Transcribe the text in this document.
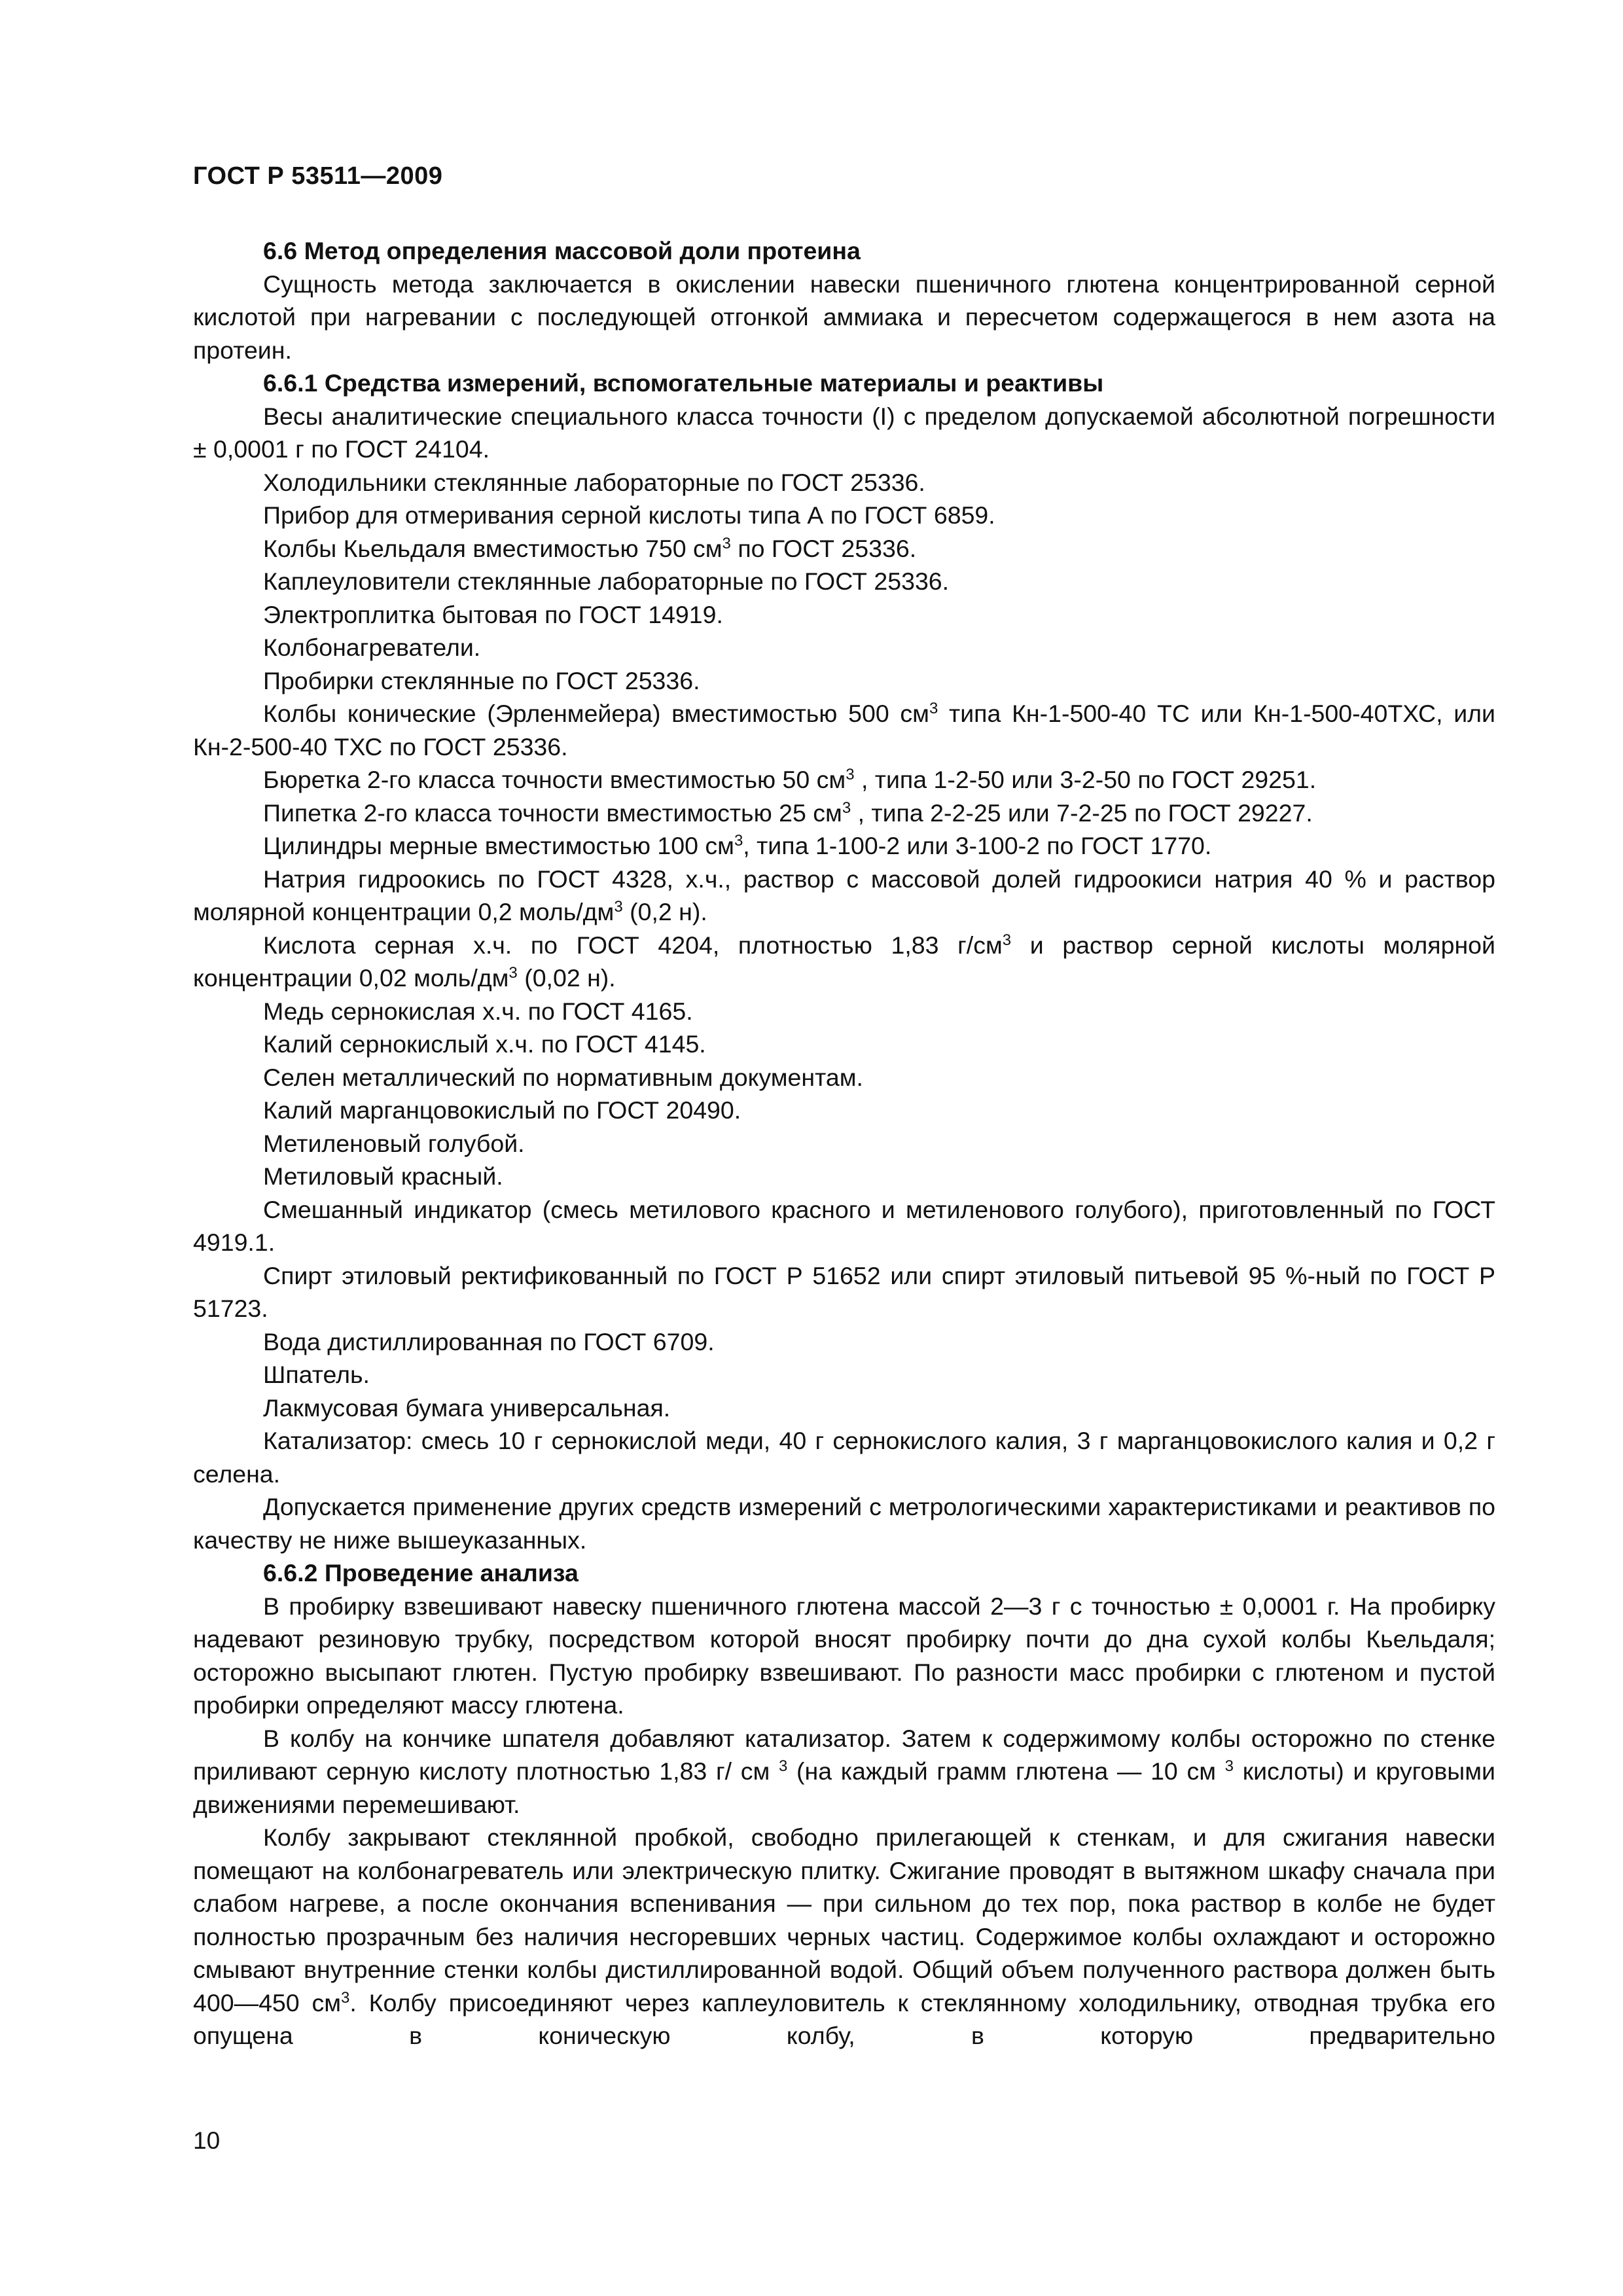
ГОСТ Р 53511—2009

6.6 Метод определения массовой доли протеина

Сущность метода заключается в окислении навески пшеничного глютена концентрированной серной кислотой при нагревании с последующей отгонкой аммиака и пересчетом содержащегося в нем азота на протеин.

6.6.1 Средства измерений, вспомогательные материалы и реактивы

Весы аналитические специального класса точности (I) с пределом допускаемой абсолютной погрешности ± 0,0001 г по ГОСТ 24104.

Холодильники стеклянные лабораторные по ГОСТ 25336.

Прибор для отмеривания серной кислоты типа А по ГОСТ 6859.

Колбы Кьельдаля вместимостью 750 $см^3$ по ГОСТ 25336.

Каплеуловители стеклянные лабораторные по ГОСТ 25336.

Электроплитка бытовая по ГОСТ 14919.

Колбонагреватели.

Пробирки стеклянные по ГОСТ 25336.

Колбы конические (Эрленмейера) вместимостью 500 $см^3$ типа Кн-1-500-40 ТС или Кн-1-500-40ТХС, или Кн-2-500-40 ТХС по ГОСТ 25336.

Бюретка 2-го класса точности вместимостью 50 $см^3$ , типа 1-2-50 или 3-2-50 по ГОСТ 29251.

Пипетка 2-го класса точности вместимостью 25 $см^3$ , типа 2-2-25 или 7-2-25 по ГОСТ 29227.

Цилиндры мерные вместимостью 100 $см^3$, типа 1-100-2 или 3-100-2 по ГОСТ 1770.

Натрия гидроокись по ГОСТ 4328, х.ч., раствор с массовой долей гидроокиси натрия 40 % и раствор молярной концентрации 0,2 моль/$дм^3$ (0,2 н).

Кислота серная х.ч. по ГОСТ 4204, плотностью 1,83 $г/см^3$ и раствор серной кислоты молярной концентрации 0,02 моль/$дм^3$ (0,02 н).

Медь сернокислая х.ч. по ГОСТ 4165.

Калий сернокислый х.ч. по ГОСТ 4145.

Селен металлический по нормативным документам.

Калий марганцовокислый по ГОСТ 20490.

Метиленовый голубой.

Метиловый красный.

Смешанный индикатор (смесь метилового красного и метиленового голубого), приготовленный по ГОСТ 4919.1.

Спирт этиловый ректификованный по ГОСТ Р 51652 или спирт этиловый питьевой 95 %-ный по ГОСТ Р 51723.

Вода дистиллированная по ГОСТ 6709.

Шпатель.

Лакмусовая бумага универсальная.

Катализатор: смесь 10 г сернокислой меди, 40 г сернокислого калия, 3 г марганцовокислого калия и 0,2 г селена.

Допускается применение других средств измерений с метрологическими характеристиками и реактивов по качеству не ниже вышеуказанных.

6.6.2 Проведение анализа

В пробирку взвешивают навеску пшеничного глютена массой 2—3 г с точностью ± 0,0001 г. На пробирку надевают резиновую трубку, посредством которой вносят пробирку почти до дна сухой колбы Кьельдаля; осторожно высыпают глютен. Пустую пробирку взвешивают. По разности масс пробирки с глютеном и пустой пробирки определяют массу глютена.

В колбу на кончике шпателя добавляют катализатор. Затем к содержимому колбы осторожно по стенке приливают серную кислоту плотностью 1,83 г/ см $^3$ (на каждый грамм глютена — 10 см $^3$ кислоты) и круговыми движениями перемешивают.

Колбу закрывают стеклянной пробкой, свободно прилегающей к стенкам, и для сжигания навески помещают на колбонагреватель или электрическую плитку. Сжигание проводят в вытяжном шкафу сначала при слабом нагреве, а после окончания вспенивания — при сильном до тех пор, пока раствор в колбе не будет полностью прозрачным без наличия несгоревших черных частиц. Содержимое колбы охлаждают и осторожно смывают внутренние стенки колбы дистиллированной водой. Общий объем полученного раствора должен быть 400—450 $см^3$. Колбу присоединяют через каплеуловитель к стеклянному холодильнику, отводная трубка его опущена в коническую колбу, в которую предварительно

10
